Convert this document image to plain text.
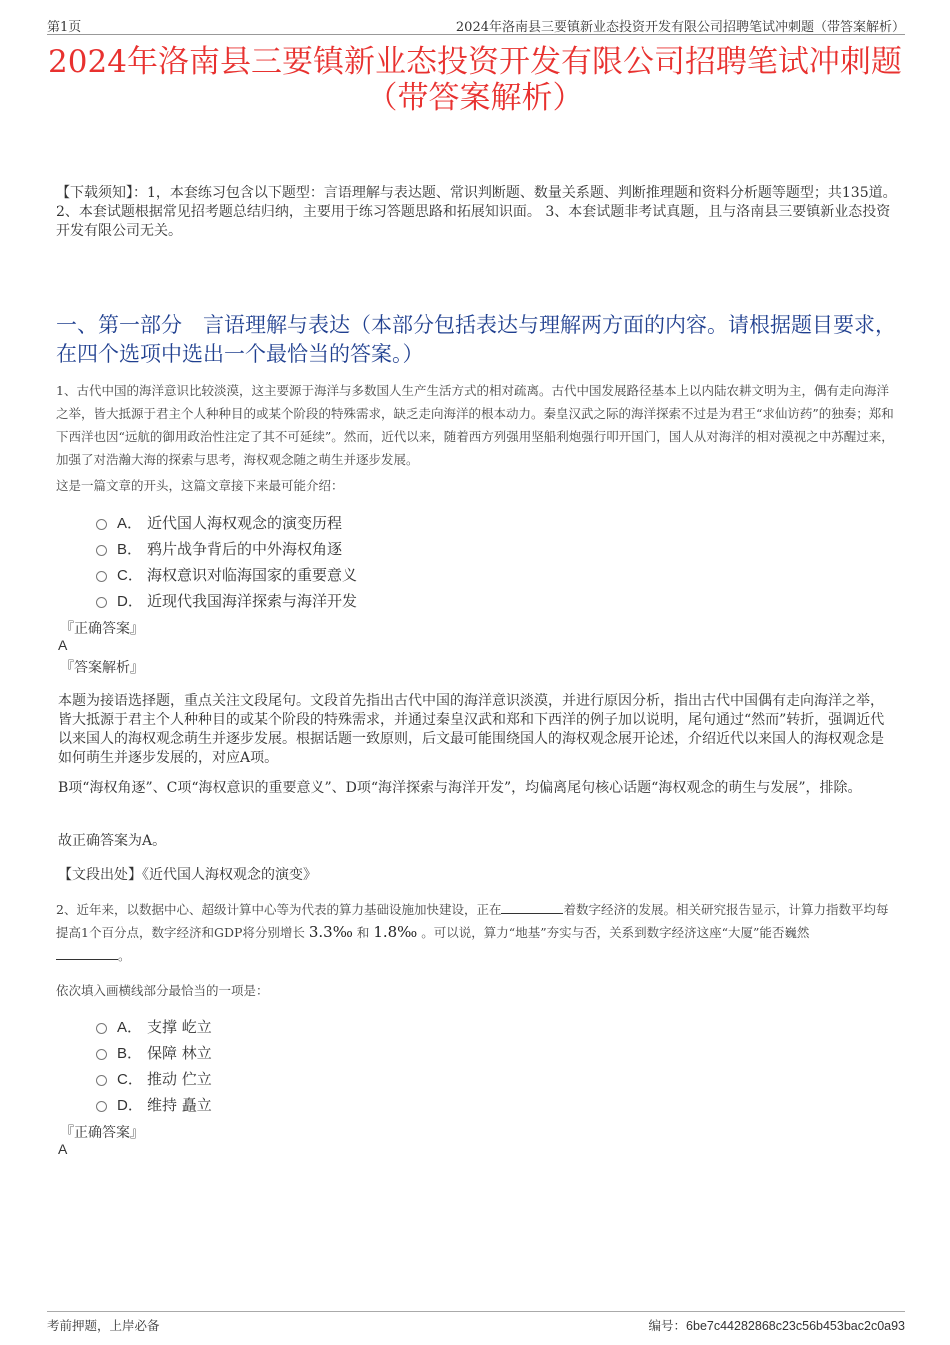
第1页	2024年洛南县三要镇新业态投资开发有限公司招聘笔试冲刺题（带答案解析）
2024年洛南县三要镇新业态投资开发有限公司招聘笔试冲刺题
（带答案解析）
【下载须知】：1，本套练习包含以下题型：言语理解与表达题、常识判断题、数量关系题、判断推理题和资料分析题等题型；共135道。 2、本套试题根据常见招考题总结归纳，主要用于练习答题思路和拓展知识面。 3、本套试题非考试真题，且与洛南县三要镇新业态投资开发有限公司无关。
一、第一部分　言语理解与表达（本部分包括表达与理解两方面的内容。请根据题目要求，在四个选项中选出一个最恰当的答案。）
1、古代中国的海洋意识比较淡漠，这主要源于海洋与多数国人生产生活方式的相对疏离。古代中国发展路径基本上以内陆农耕文明为主，偶有走向海洋之举，皆大抵源于君主个人种种目的或某个阶段的特殊需求，缺乏走向海洋的根本动力。秦皇汉武之际的海洋探索不过是为君王“求仙访药”的独奏；郑和下西洋也因“远航的御用政治性注定了其不可延续”。然而，近代以来，随着西方列强用坚船利炮强行叩开国门，国人从对海洋的相对漠视之中苏醒过来，加强了对浩瀚大海的探索与思考，海权观念随之萌生并逐步发展。
这是一篇文章的开头，这篇文章接下来最可能介绍：
A． 近代国人海权观念的演变历程
B． 鸦片战争背后的中外海权角逐
C． 海权意识对临海国家的重要意义
D． 近现代我国海洋探索与海洋开发
『正确答案』
A
『答案解析』
本题为接语选择题，重点关注文段尾句。文段首先指出古代中国的海洋意识淡漠，并进行原因分析，指出古代中国偶有走向海洋之举，皆大抵源于君主个人种种目的或某个阶段的特殊需求，并通过秦皇汉武和郑和下西洋的例子加以说明，尾句通过“然而”转折，强调近代以来国人的海权观念萌生并逐步发展。根据话题一致原则，后文最可能围绕国人的海权观念展开论述，介绍近代以来国人的海权观念是如何萌生并逐步发展的，对应A项。
B项“海权角逐”、C项“海权意识的重要意义”、D项“海洋探索与海洋开发”，均偏离尾句核心话题“海权观念的萌生与发展”，排除。
故正确答案为A。
【文段出处】《近代国人海权观念的演变》
2、近年来，以数据中心、超级计算中心等为代表的算力基础设施加快建设，正在	着数字经济的发展。相关研究报告显示，计算力指数平均每提高1个百分点，数字经济和GDP将分别增长 3.3‰ 和 1.8‰ 。可以说，算力“地基”夯实与否，关系到数字经济这座“大厦”能否巍然
。
依次填入画横线部分最恰当的一项是：
A． 支撑 屹立
B． 保障 林立
C． 推动 伫立
D． 维持 矗立
『正确答案』
A
考前押题，上岸必备	编号：6be7c44282868c23c56b453bac2c0a93
